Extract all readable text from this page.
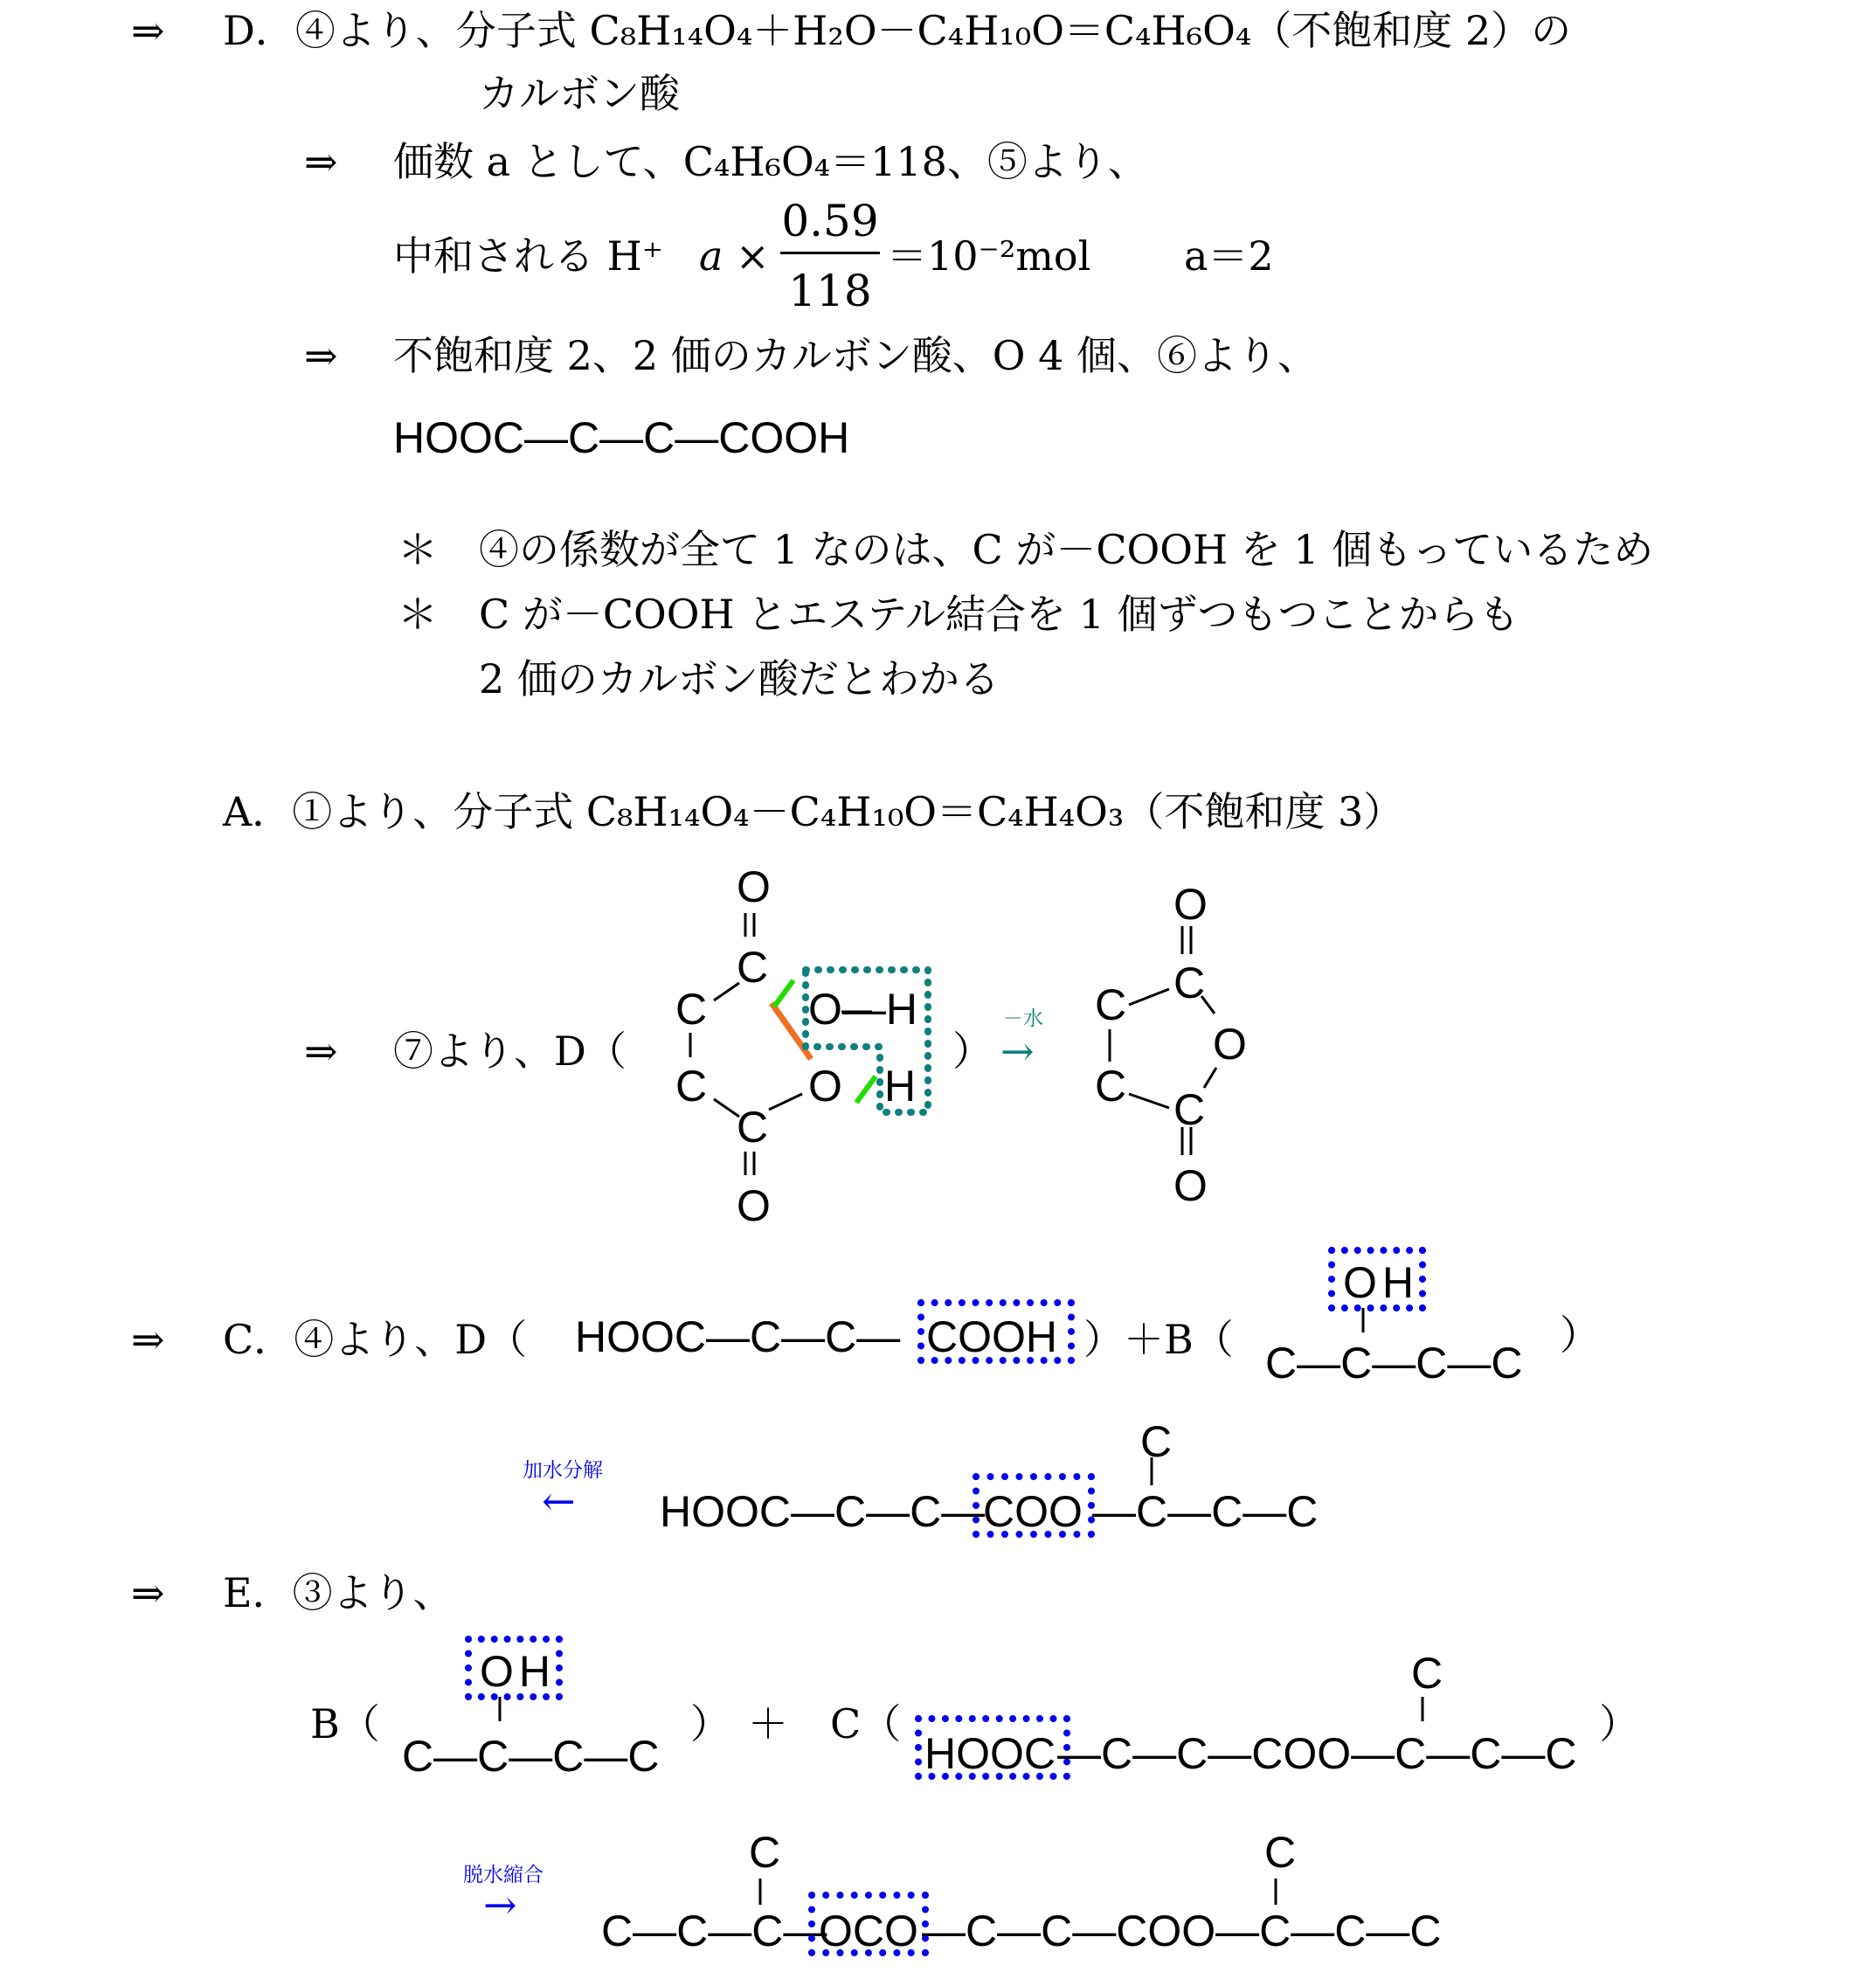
⇒ D．④より、分子式 C₈H₁₄O₄＋H₂O－C₄H₁₀O＝C₄H₆O₄（不飽和度 2）の
カルボン酸
⇒ 価数 a として、C₄H₆O₄＝118、⑤より、
中和される H⁺ a ×
0.59
118
＝10⁻²mol a＝2
⇒ 不飽和度 2、2 価のカルボン酸、O 4 個、⑥より、
HOOC—C—C—COOH
＊ ④の係数が全て 1 なのは、C が－COOH を 1 個もっているため
＊ C が－COOH とエステル結合を 1 個ずつもつことからも
2 価のカルボン酸だとわかる
A．①より、分子式 C₈H₁₄O₄－C₄H₁₀O＝C₄H₄O₃（不飽和度 3）
⇒ ⑦より、D（	）
－水
→
O
C
C
C
C
O
O—H
O H
O
C
C
O
C C
O
⇒ C．④より、D（ HOOC—C—C— COOH ）＋B（
OH
C—C—C—C
）
加水分解
←
C
HOOC—C—C—
COO —C—C—C
⇒ E．③より、
B（
OH
C—C—C—C
）＋ C（
C
HOOC —C—C—COO—C—C—C
）
脱水縮合
→
C	C
C—C—C—
OCO —C—C—COO—C—C—C
